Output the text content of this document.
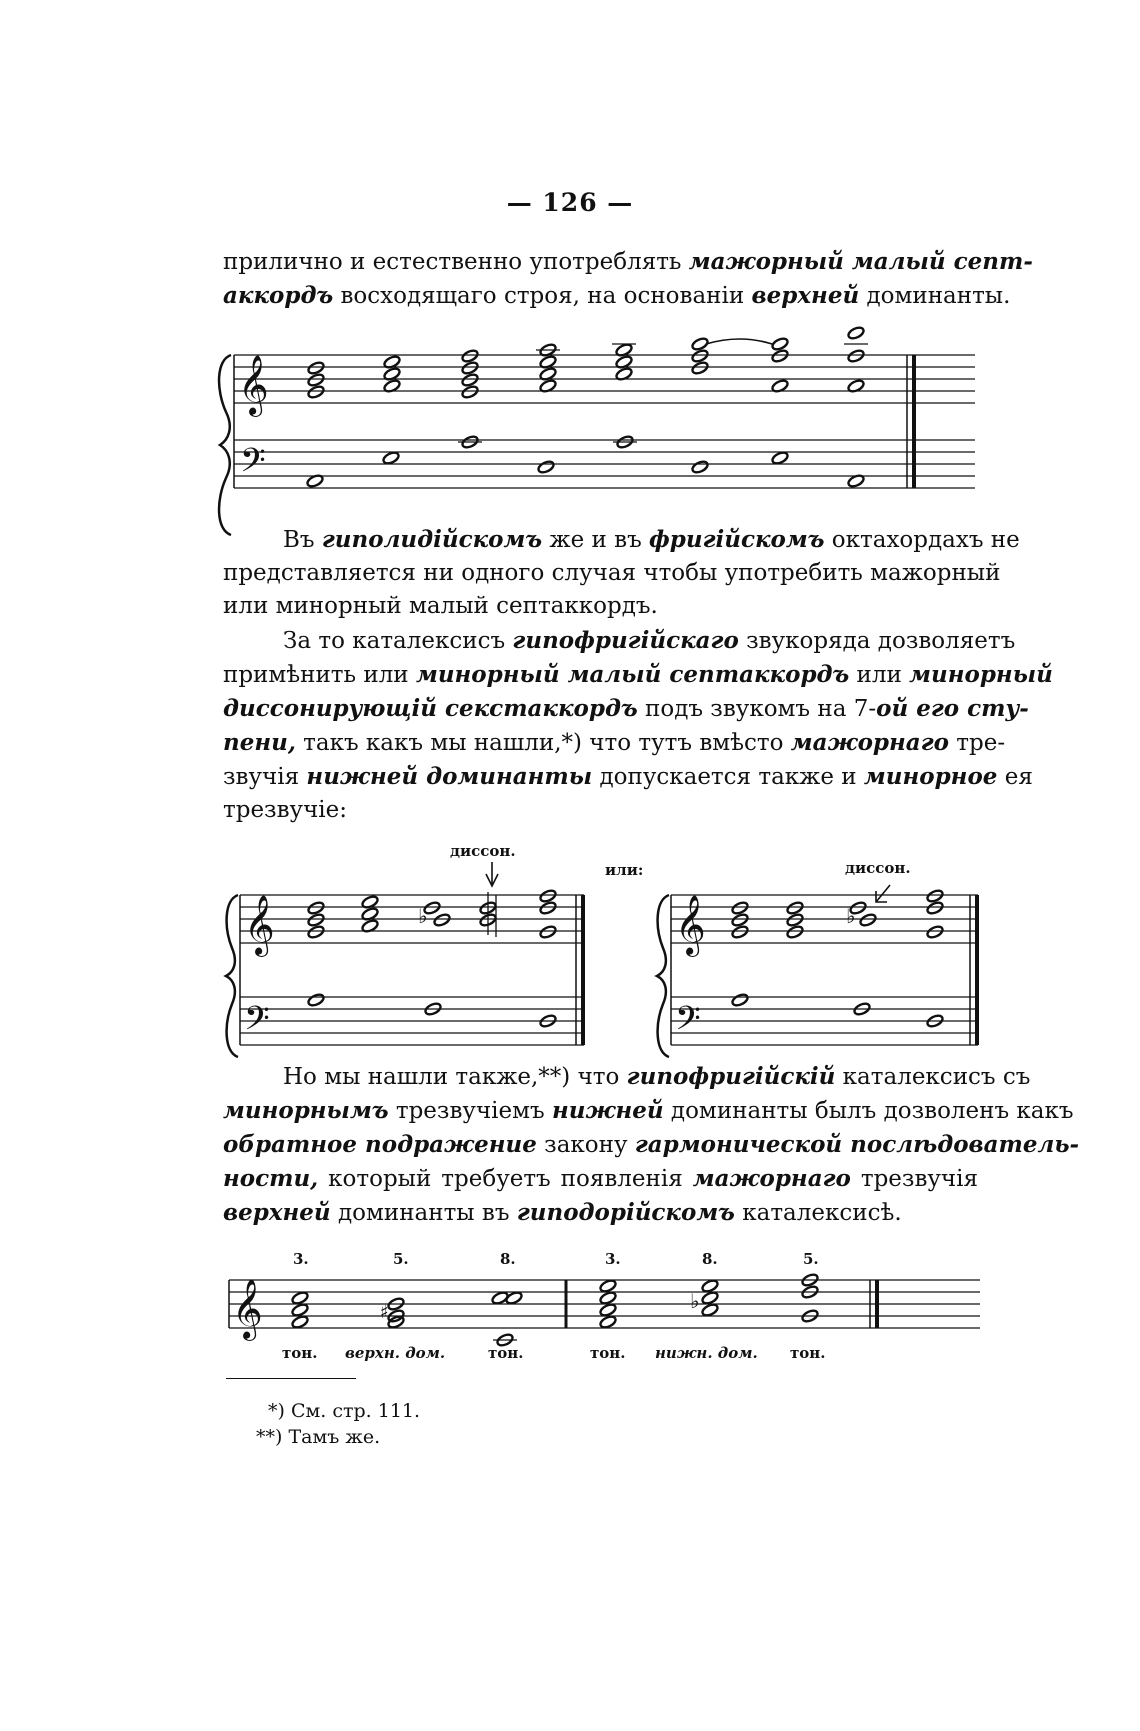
— 126 —
прилично и естественно употреблять мажорный малый септ-
аккордъ восходящаго строя, на основанiи верхней доминанты.
Въ гиполидiйскомъ же и въ фригiйскомъ октахордахъ не
представляется ни одного случая чтобы употребить мажорный
или минорный малый септаккордъ.
За то каталексисъ гипофригiйскаго звукоряда дозволяетъ
примѣнить или минорный малый септаккордъ или минорный
диссонирующiй секстаккордъ подъ звукомъ на 7-ой его сту-
пени, такъ какъ мы нашли,*) что тутъ вмѣсто мажорнаго тре-
звучiя нижней доминанты допускается также и минорное ея
трезвучiе:
Но мы нашли также,**) что гипофригiйскiй каталексисъ съ
минорнымъ трезвучiемъ нижней доминанты былъ дозволенъ какъ
обратное подражение закону гармонической послѣдователь-
ности, который требуетъ появленiя мажорнаго трезвучiя
верхней доминанты въ гиподорiйскомъ каталексисѣ.
𝄞
𝄢
𝄞
𝄢
♭
диссон.
или:
𝄞
𝄢
♭
диссон.
𝄞	♯	♭
3.	5.	8.	3.	8.	5.
тон. верхн. дом.	тон.	тон. нижн. дом. тон.
*) См. стр. 111.
**) Тамъ же.
